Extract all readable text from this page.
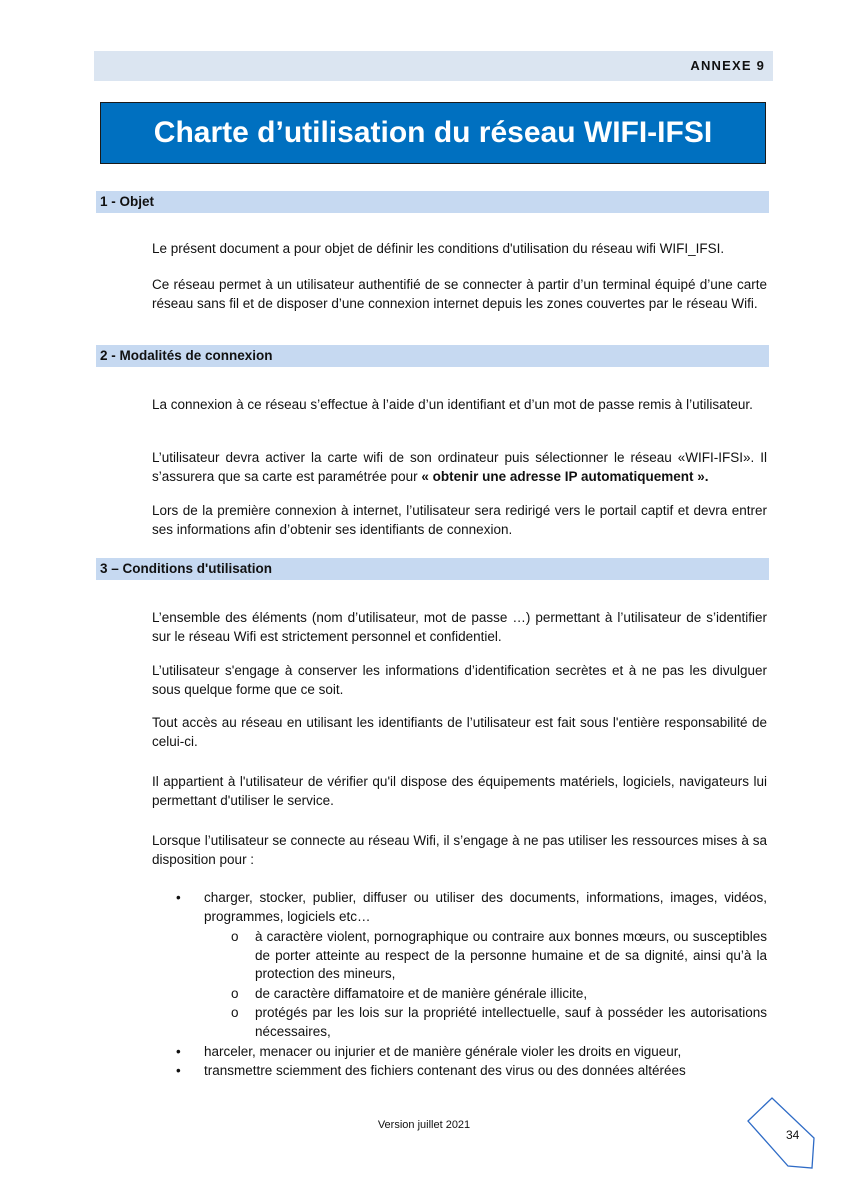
ANNEXE 9
Charte d’utilisation du réseau WIFI-IFSI
1 - Objet
Le présent document a pour objet de définir les conditions d'utilisation du réseau wifi WIFI_IFSI.
Ce réseau permet à un utilisateur authentifié de se connecter à partir d’un terminal équipé d’une carte réseau sans fil et de disposer d’une connexion internet depuis les zones couvertes par le réseau Wifi.
2 - Modalités de connexion
La connexion à ce réseau s’effectue à l’aide d’un identifiant et d’un mot de passe remis à l’utilisateur.
L’utilisateur devra activer la carte wifi de son ordinateur puis sélectionner le réseau «WIFI-IFSI». Il s’assurera que sa carte est paramétrée pour « obtenir une adresse IP automatiquement ».
Lors de la première connexion à internet, l’utilisateur sera redirigé vers le portail captif et devra entrer ses informations afin d’obtenir ses identifiants de connexion.
3 – Conditions d'utilisation
L’ensemble des éléments (nom d’utilisateur, mot de passe …) permettant à l’utilisateur de s’identifier sur le réseau Wifi est strictement personnel et confidentiel.
L’utilisateur s'engage à conserver les informations d’identification secrètes et à ne pas les divulguer sous quelque forme que ce soit.
Tout accès au réseau en utilisant les identifiants de l’utilisateur est fait sous l'entière responsabilité de celui-ci.
Il appartient à l'utilisateur de vérifier qu'il dispose des équipements matériels, logiciels, navigateurs lui permettant d'utiliser le service.
Lorsque l’utilisateur se connecte au réseau Wifi, il s’engage à ne pas utiliser les ressources mises à sa disposition pour :
• charger, stocker, publier, diffuser ou utiliser des documents, informations, images, vidéos, programmes, logiciels etc…
o à caractère violent, pornographique ou contraire aux bonnes mœurs, ou susceptibles de porter atteinte au respect de la personne humaine et de sa dignité, ainsi qu’à la protection des mineurs,
o de caractère diffamatoire et de manière générale illicite,
o protégés par les lois sur la propriété intellectuelle, sauf à posséder les autorisations nécessaires,
• harceler, menacer ou injurier et de manière générale violer les droits en vigueur,
• transmettre sciemment des fichiers contenant des virus ou des données altérées
Version juillet 2021
34
